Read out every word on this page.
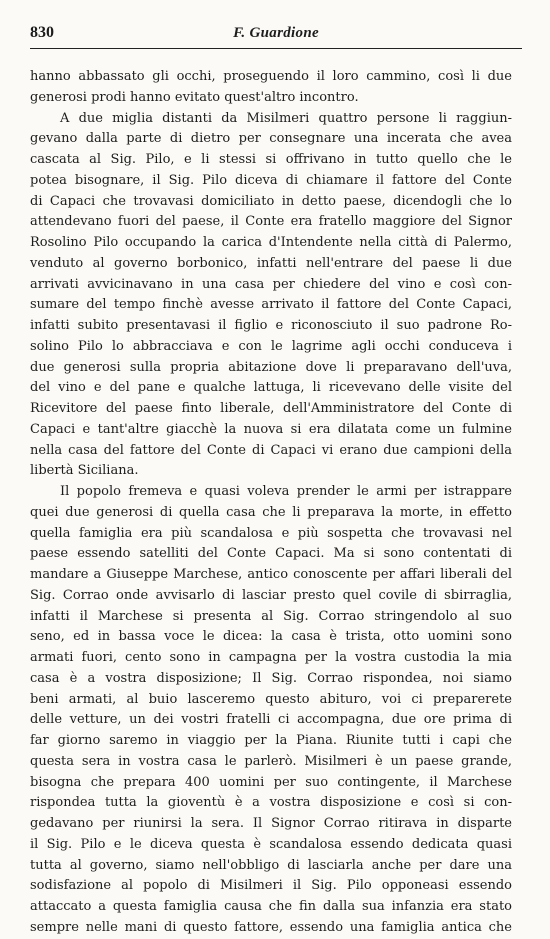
830	F. Guardione
hanno abbassato gli occhi, proseguendo il loro cammino, così li due
generosi prodi hanno evitato quest'altro incontro.
A due miglia distanti da Misilmeri quattro persone li raggiun-
gevano dalla parte di dietro per consegnare una incerata che avea
cascata al Sig. Pilo, e li stessi si offrivano in tutto quello che le
potea bisognare, il Sig. Pilo diceva di chiamare il fattore del Conte
di Capaci che trovavasi domiciliato in detto paese, dicendogli che lo
attendevano fuori del paese, il Conte era fratello maggiore del Signor
Rosolino Pilo occupando la carica d'Intendente nella città di Palermo,
venduto al governo borbonico, infatti nell'entrare del paese li due
arrivati avvicinavano in una casa per chiedere del vino e così con-
sumare del tempo finchè avesse arrivato il fattore del Conte Capaci,
infatti subito presentavasi il figlio e riconosciuto il suo padrone Ro-
solino Pilo lo abbracciava e con le lagrime agli occhi conduceva i
due generosi sulla propria abitazione dove li preparavano dell'uva,
del vino e del pane e qualche lattuga, li ricevevano delle visite del
Ricevitore del paese finto liberale, dell'Amministratore del Conte di
Capaci e tant'altre giacchè la nuova si era dilatata come un fulmine
nella casa del fattore del Conte di Capaci vi erano due campioni della
libertà Siciliana.
Il popolo fremeva e quasi voleva prender le armi per istrappare
quei due generosi di quella casa che li preparava la morte, in effetto
quella famiglia era più scandalosa e più sospetta che trovavasi nel
paese essendo satelliti del Conte Capaci. Ma si sono contentati di
mandare a Giuseppe Marchese, antico conoscente per affari liberali del
Sig. Corrao onde avvisarlo di lasciar presto quel covile di sbirraglia,
infatti il Marchese si presenta al Sig. Corrao stringendolo al suo
seno, ed in bassa voce le dicea: la casa è trista, otto uomini sono
armati fuori, cento sono in campagna per la vostra custodia la mia
casa è a vostra disposizione; Il Sig. Corrao rispondea, noi siamo
beni armati, al buio lasceremo questo abituro, voi ci preparerete
delle vetture, un dei vostri fratelli ci accompagna, due ore prima di
far giorno saremo in viaggio per la Piana. Riunite tutti i capi che
questa sera in vostra casa le parlerò. Misilmeri è un paese grande,
bisogna che prepara 400 uomini per suo contingente, il Marchese
rispondea tutta la gioventù è a vostra disposizione e così si con-
gedavano per riunirsi la sera. Il Signor Corrao ritirava in disparte
il Sig. Pilo e le diceva questa è scandalosa essendo dedicata quasi
tutta al governo, siamo nell'obbligo di lasciarla anche per dare una
sodisfazione al popolo di Misilmeri il Sig. Pilo opponeasi essendo
attaccato a questa famiglia causa che fin dalla sua infanzia era stato
sempre nelle mani di questo fattore, essendo una famiglia antica che
